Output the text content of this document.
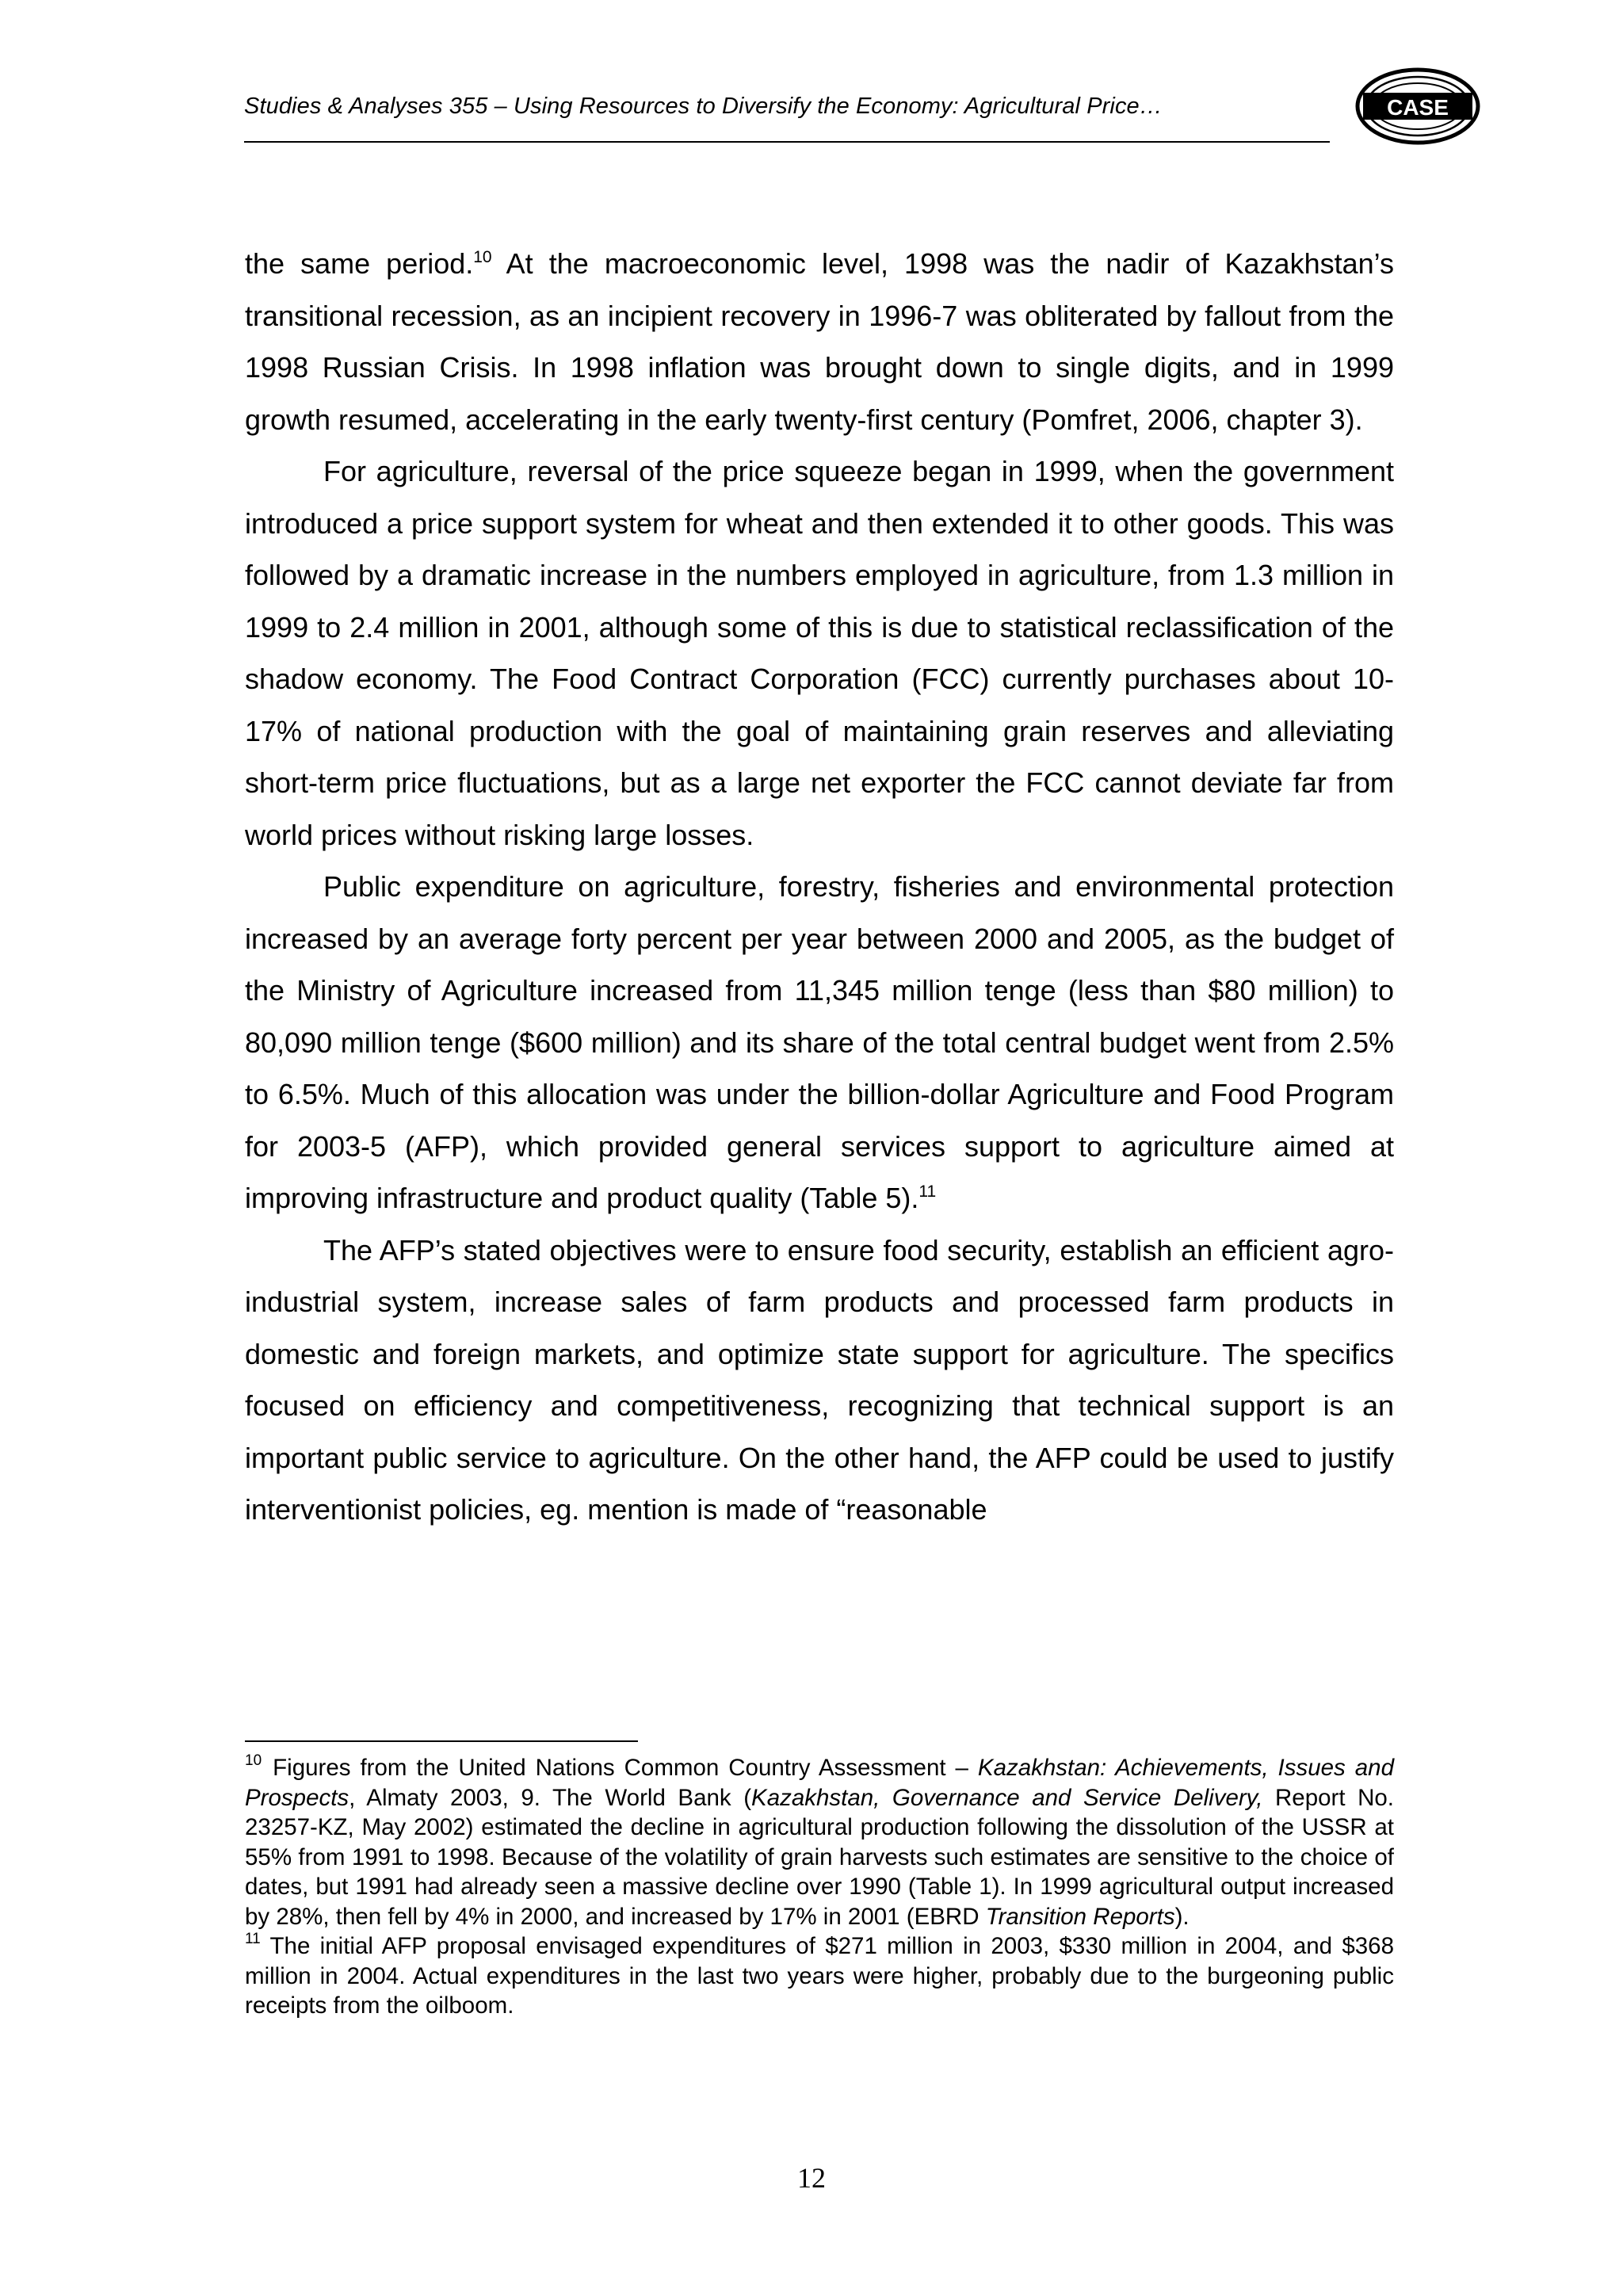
Studies & Analyses 355 – Using Resources to Diversify the Economy: Agricultural Price…	CASE

the same period.$^{10}$ At the macroeconomic level, 1998 was the nadir of Kazakhstan’s transitional recession, as an incipient recovery in 1996-7 was obliterated by fallout from the 1998 Russian Crisis. In 1998 inflation was brought down to single digits, and in 1999 growth resumed, accelerating in the early twenty-first century (Pomfret, 2006, chapter 3).

For agriculture, reversal of the price squeeze began in 1999, when the government introduced a price support system for wheat and then extended it to other goods. This was followed by a dramatic increase in the numbers employed in agriculture, from 1.3 million in 1999 to 2.4 million in 2001, although some of this is due to statistical reclassification of the shadow economy. The Food Contract Corporation (FCC) currently purchases about 10-17% of national production with the goal of maintaining grain reserves and alleviating short-term price fluctuations, but as a large net exporter the FCC cannot deviate far from world prices without risking large losses.

Public expenditure on agriculture, forestry, fisheries and environmental protection increased by an average forty percent per year between 2000 and 2005, as the budget of the Ministry of Agriculture increased from 11,345 million tenge (less than $80 million) to 80,090 million tenge ($600 million) and its share of the total central budget went from 2.5% to 6.5%. Much of this allocation was under the billion-dollar Agriculture and Food Program for 2003-5 (AFP), which provided general services support to agriculture aimed at improving infrastructure and product quality (Table 5).$^{11}$

The AFP’s stated objectives were to ensure food security, establish an efficient agro-industrial system, increase sales of farm products and processed farm products in domestic and foreign markets, and optimize state support for agriculture. The specifics focused on efficiency and competitiveness, recognizing that technical support is an important public service to agriculture. On the other hand, the AFP could be used to justify interventionist policies, eg. mention is made of “reasonable

$^{10}$ Figures from the United Nations Common Country Assessment – Kazakhstan: Achievements, Issues and Prospects, Almaty 2003, 9. The World Bank (Kazakhstan, Governance and Service Delivery, Report No. 23257-KZ, May 2002) estimated the decline in agricultural production following the dissolution of the USSR at 55% from 1991 to 1998. Because of the volatility of grain harvests such estimates are sensitive to the choice of dates, but 1991 had already seen a massive decline over 1990 (Table 1). In 1999 agricultural output increased by 28%, then fell by 4% in 2000, and increased by 17% in 2001 (EBRD Transition Reports).

$^{11}$ The initial AFP proposal envisaged expenditures of $271 million in 2003, $330 million in 2004, and $368 million in 2004. Actual expenditures in the last two years were higher, probably due to the burgeoning public receipts from the oilboom.

12
